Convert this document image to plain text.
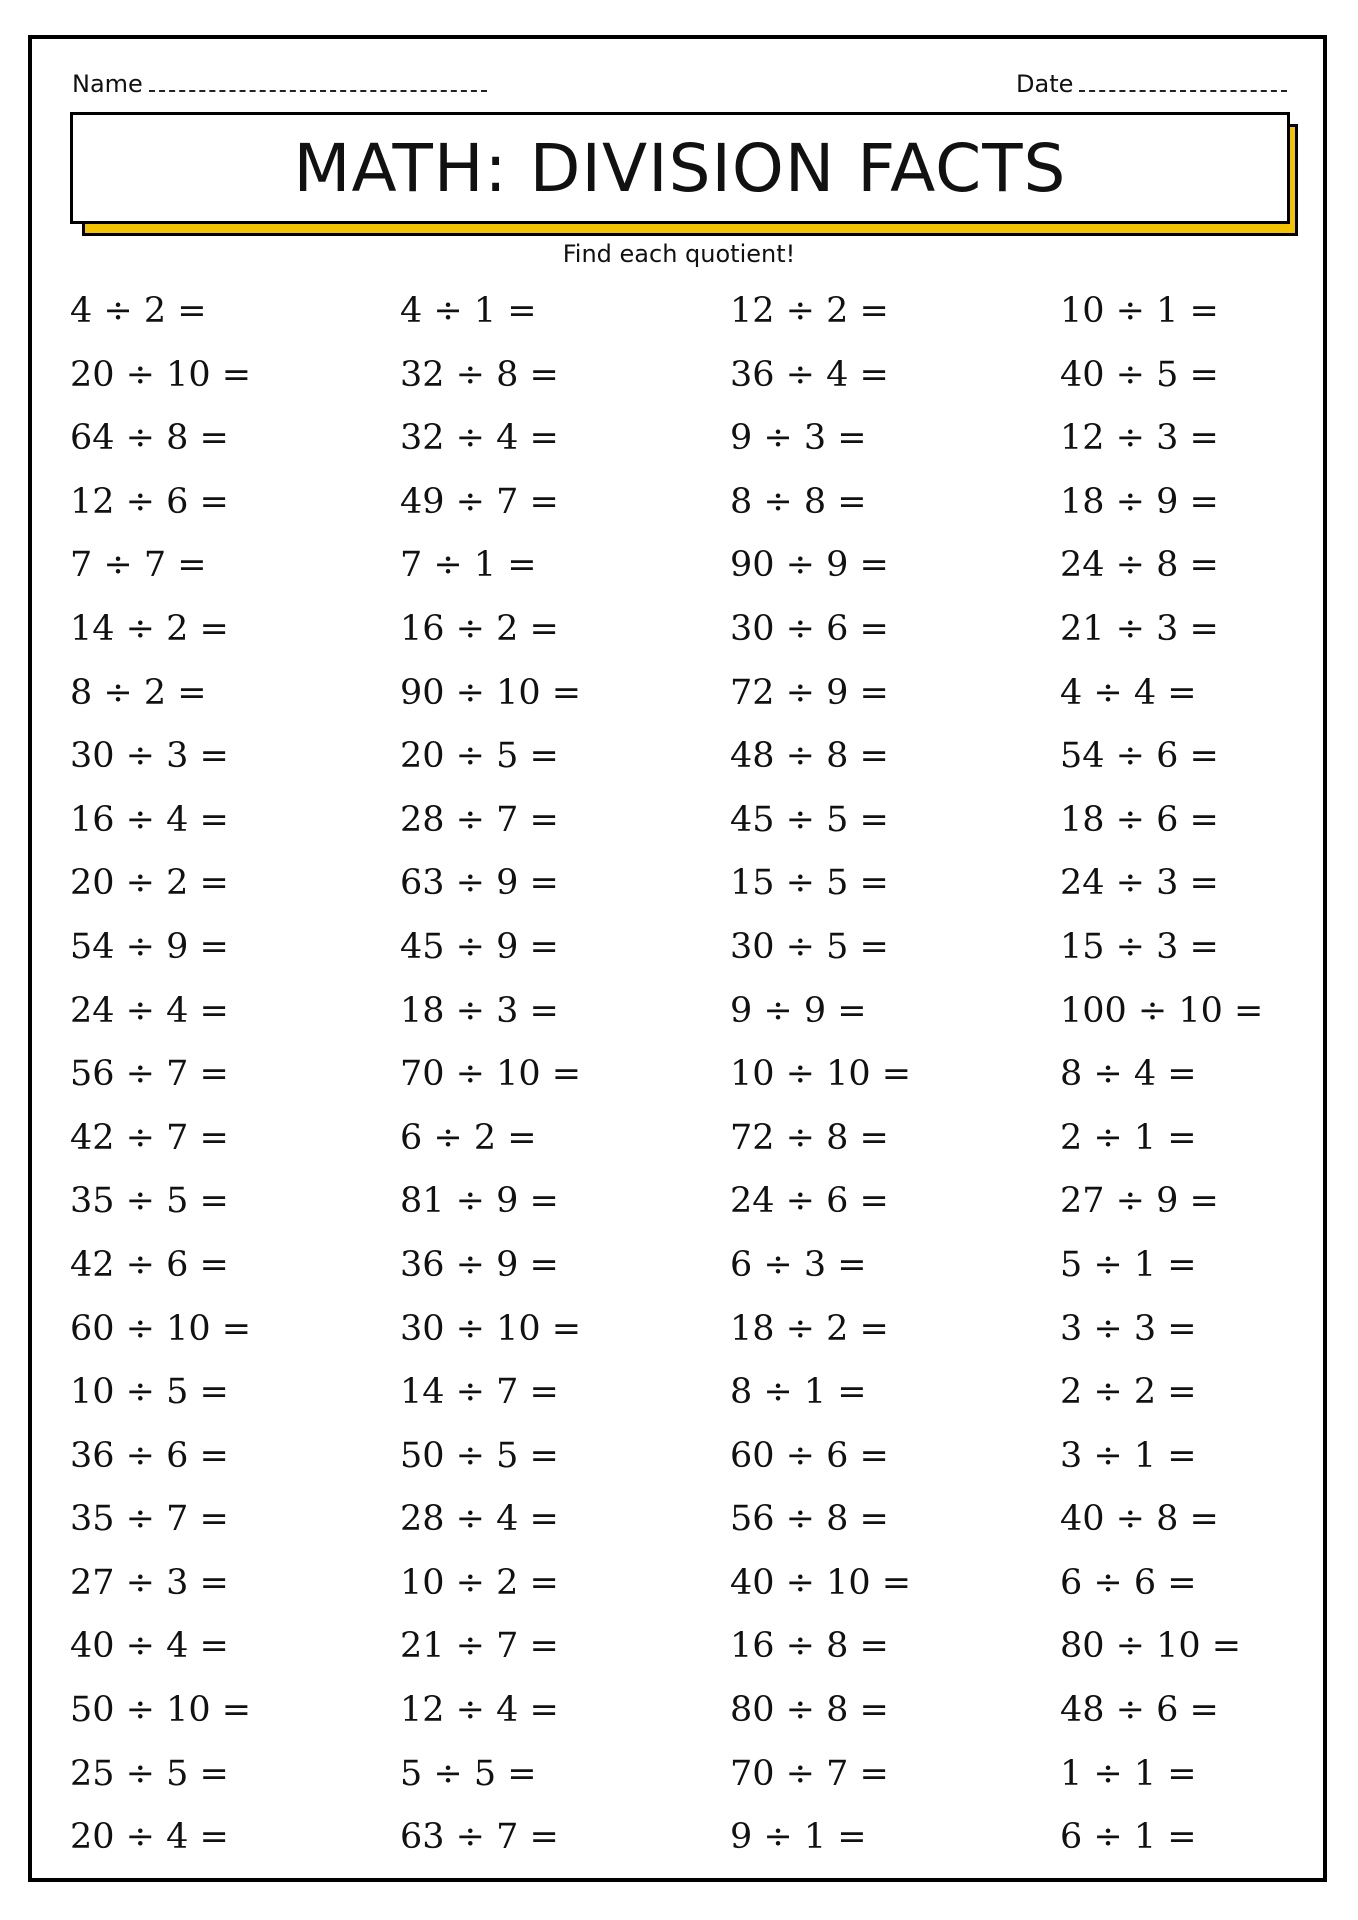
Name	Date
MATH: DIVISION FACTS
Find each quotient!
4 ÷ 2 =	4 ÷ 1 =	12 ÷ 2 =	10 ÷ 1 =
20 ÷ 10 =	32 ÷ 8 =	36 ÷ 4 =	40 ÷ 5 =
64 ÷ 8 =	32 ÷ 4 =	9 ÷ 3 =	12 ÷ 3 =
12 ÷ 6 =	49 ÷ 7 =	8 ÷ 8 =	18 ÷ 9 =
7 ÷ 7 =	7 ÷ 1 =	90 ÷ 9 =	24 ÷ 8 =
14 ÷ 2 =	16 ÷ 2 =	30 ÷ 6 =	21 ÷ 3 =
8 ÷ 2 =	90 ÷ 10 =	72 ÷ 9 =	4 ÷ 4 =
30 ÷ 3 =	20 ÷ 5 =	48 ÷ 8 =	54 ÷ 6 =
16 ÷ 4 =	28 ÷ 7 =	45 ÷ 5 =	18 ÷ 6 =
20 ÷ 2 =	63 ÷ 9 =	15 ÷ 5 =	24 ÷ 3 =
54 ÷ 9 =	45 ÷ 9 =	30 ÷ 5 =	15 ÷ 3 =
24 ÷ 4 =	18 ÷ 3 =	9 ÷ 9 =	100 ÷ 10 =
56 ÷ 7 =	70 ÷ 10 =	10 ÷ 10 =	8 ÷ 4 =
42 ÷ 7 =	6 ÷ 2 =	72 ÷ 8 =	2 ÷ 1 =
35 ÷ 5 =	81 ÷ 9 =	24 ÷ 6 =	27 ÷ 9 =
42 ÷ 6 =	36 ÷ 9 =	6 ÷ 3 =	5 ÷ 1 =
60 ÷ 10 =	30 ÷ 10 =	18 ÷ 2 =	3 ÷ 3 =
10 ÷ 5 =	14 ÷ 7 =	8 ÷ 1 =	2 ÷ 2 =
36 ÷ 6 =	50 ÷ 5 =	60 ÷ 6 =	3 ÷ 1 =
35 ÷ 7 =	28 ÷ 4 =	56 ÷ 8 =	40 ÷ 8 =
27 ÷ 3 =	10 ÷ 2 =	40 ÷ 10 =	6 ÷ 6 =
40 ÷ 4 =	21 ÷ 7 =	16 ÷ 8 =	80 ÷ 10 =
50 ÷ 10 =	12 ÷ 4 =	80 ÷ 8 =	48 ÷ 6 =
25 ÷ 5 =	5 ÷ 5 =	70 ÷ 7 =	1 ÷ 1 =
20 ÷ 4 =	63 ÷ 7 =	9 ÷ 1 =	6 ÷ 1 =
